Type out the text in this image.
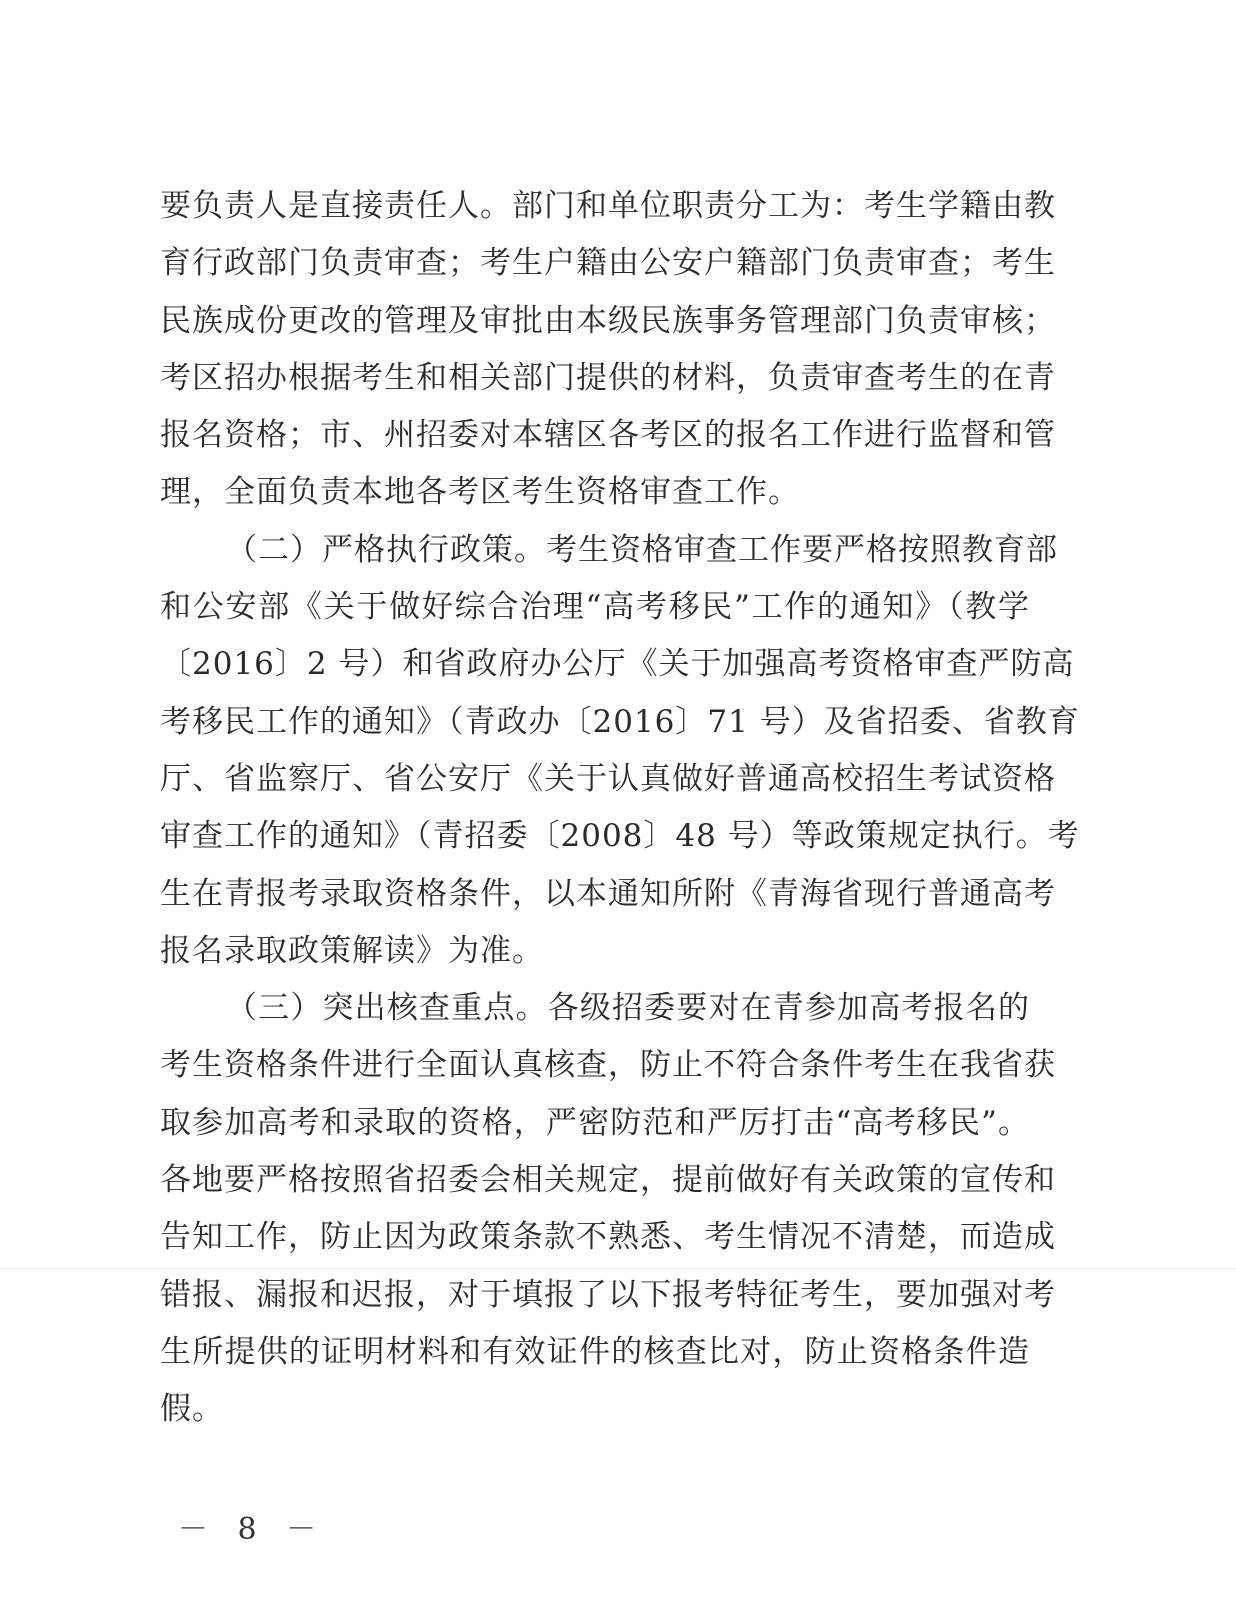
要负责人是直接责任人。部门和单位职责分工为：考生学籍由教
育行政部门负责审查；考生户籍由公安户籍部门负责审查；考生
民族成份更改的管理及审批由本级民族事务管理部门负责审核；
考区招办根据考生和相关部门提供的材料，负责审查考生的在青
报名资格；市、州招委对本辖区各考区的报名工作进行监督和管
理，全面负责本地各考区考生资格审查工作。
（二）严格执行政策。考生资格审查工作要严格按照教育部
和公安部《关于做好综合治理“高考移民”工作的通知》（教学
〔2016〕2 号）和省政府办公厅《关于加强高考资格审查严防高
考移民工作的通知》（青政办〔2016〕71 号）及省招委、省教育
厅、省监察厅、省公安厅《关于认真做好普通高校招生考试资格
审查工作的通知》（青招委〔2008〕48 号）等政策规定执行。考
生在青报考录取资格条件，以本通知所附《青海省现行普通高考
报名录取政策解读》为准。
（三）突出核查重点。各级招委要对在青参加高考报名的
考生资格条件进行全面认真核查，防止不符合条件考生在我省获
取参加高考和录取的资格，严密防范和严厉打击“高考移民”。
各地要严格按照省招委会相关规定，提前做好有关政策的宣传和
告知工作，防止因为政策条款不熟悉、考生情况不清楚，而造成
错报、漏报和迟报，对于填报了以下报考特征考生，要加强对考
生所提供的证明材料和有效证件的核查比对，防止资格条件造
假。
－ 8 －
